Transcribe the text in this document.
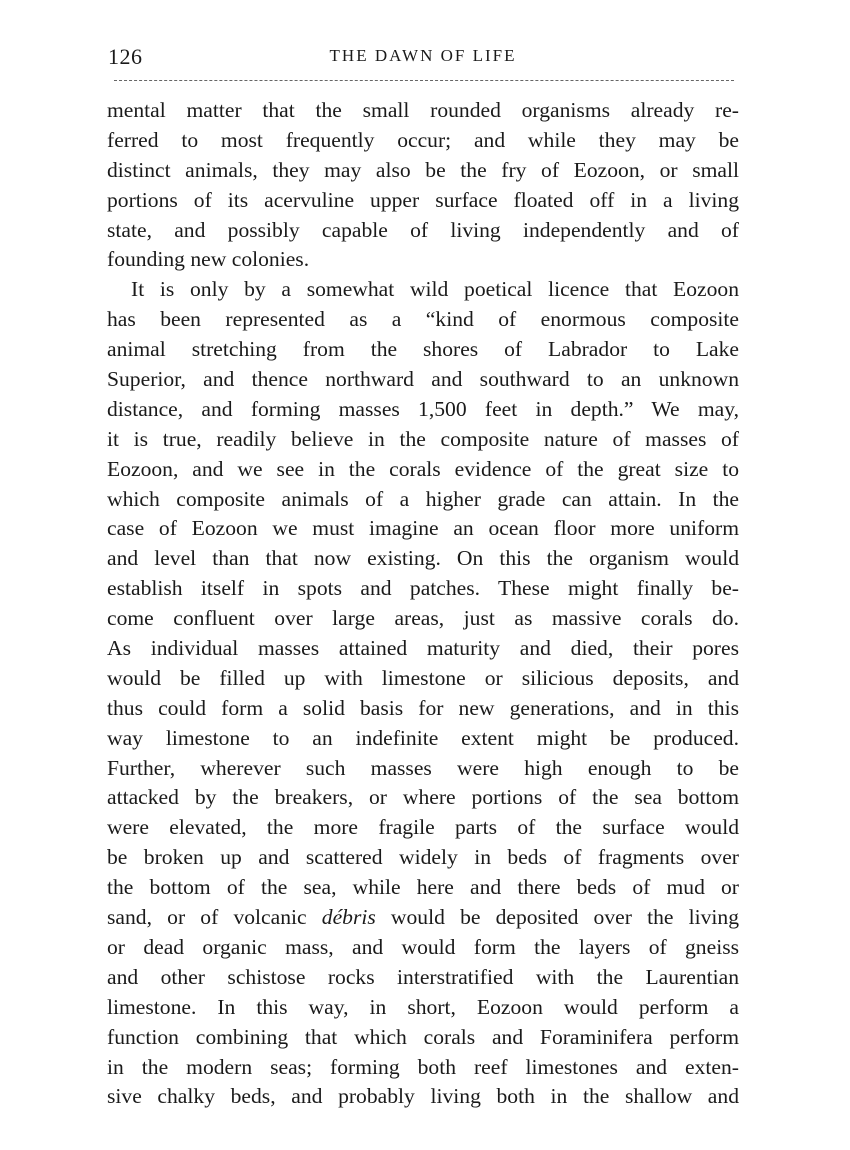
126	THE DAWN OF LIFE
mental matter that the small rounded organisms already re-
ferred to most frequently occur; and while they may be
distinct animals, they may also be the fry of Eozoon, or small
portions of its acervuline upper surface floated off in a living
state, and possibly capable of living independently and of
founding new colonies.
It is only by a somewhat wild poetical licence that Eozoon
has been represented as a “kind of enormous composite
animal stretching from the shores of Labrador to Lake
Superior, and thence northward and southward to an unknown
distance, and forming masses 1,500 feet in depth.” We may,
it is true, readily believe in the composite nature of masses of
Eozoon, and we see in the corals evidence of the great size to
which composite animals of a higher grade can attain. In the
case of Eozoon we must imagine an ocean floor more uniform
and level than that now existing. On this the organism would
establish itself in spots and patches. These might finally be-
come confluent over large areas, just as massive corals do.
As individual masses attained maturity and died, their pores
would be filled up with limestone or silicious deposits, and
thus could form a solid basis for new generations, and in this
way limestone to an indefinite extent might be produced.
Further, wherever such masses were high enough to be
attacked by the breakers, or where portions of the sea bottom
were elevated, the more fragile parts of the surface would
be broken up and scattered widely in beds of fragments over
the bottom of the sea, while here and there beds of mud or
sand, or of volcanic débris would be deposited over the living
or dead organic mass, and would form the layers of gneiss
and other schistose rocks interstratified with the Laurentian
limestone. In this way, in short, Eozoon would perform a
function combining that which corals and Foraminifera perform
in the modern seas; forming both reef limestones and exten-
sive chalky beds, and probably living both in the shallow and
